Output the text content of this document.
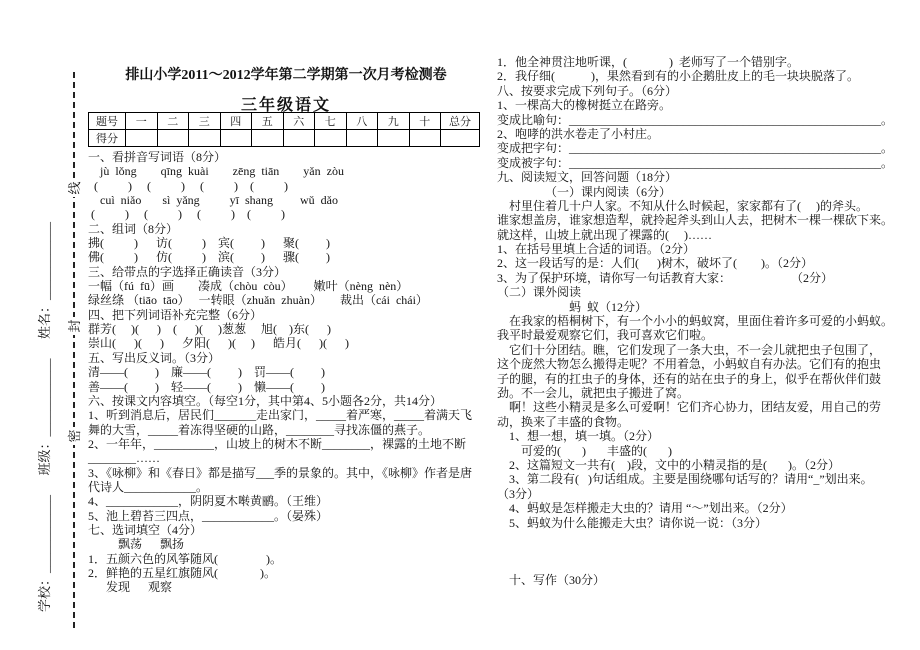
线
封
密
学校：____________      班级：____________      姓名：____________
排山小学2011～2012学年第二学期第一次月考检测卷
三年级语文
题号	一	二	三	四	五	六	七	八	九	十	总分
得分											
一、看拼音写词语（8分）
jù  lǒng        qīng  kuài        zēng  tiān        yǎn  zòu
(          )     (          )     (          )    (          )
cuì  niǎo       sì  yǎng          yī  shang         wǔ  dǎo
(          )     (          )     (          )    (          )
二、组词（8分）
拂(          )      访(          )    宾(         )      聚(         )
佛(          )      仿(          )    滨(         )      骤(         )
三、给带点的字选择正确读音（3分）
一幅（fú  fū）画        凑成（chòu  còu）       嫩叶（nèng  nèn）
绿丝绦 （tiāo  tāo）   一转眼（zhuǎn  zhuàn）      裁出（cái  chái）
四、把下列词语补充完整（6分）
群芳(     )(      )    (      )(     )葱葱     旭(    )东(      )
崇山(      )(      )      夕阳(      )(     )      皓月(      )(      )
五、写出反义词。（3分）
清——(         )    廉——(         )    罚——(         )
善——(         )    轻——(         )    懒——(         )
六、按课文内容填空。（每空1分，其中第4、5小题各2分，共14分）
1、听到消息后，居民们_______走出家门，_____着严寒，_____着满天飞
舞的大雪，_____着冻得坚硬的山路，________寻找冻僵的燕子。
2、一年年，__________，山坡上的树木不断________，裸露的土地不断
________……
3、《咏柳》和《春日》都是描写___季的景象的。其中，《咏柳》作者是唐
代诗人____________。
4、____________，阴阴夏木啭黄鹂。（王维）
5、池上碧苔三四点，____________。（晏殊）
七、选词填空（4分）
飘荡      飘扬
1．五颜六色的风筝随风(                )。
2．鲜艳的五星红旗随风(              )。
发现      观察
1．他全神贯注地听课，(              )  老师写了一个错别字。
2．我仔细(            )，果然看到有的小企鹅肚皮上的毛一块块脱落了。
八、按要求完成下列句子。（6分）
1、一棵高大的橡树挺立在路旁。
变成比喻句：____________________________________________________。
2、咆哮的洪水卷走了小村庄。
变成把字句：____________________________________________________。
变成被字句：____________________________________________________。
九、阅读短文，回答问题（18分）
（一）课内阅读（6分）
村里住着几十户人家。不知从什么时候起，家家都有了(     )的斧头。
谁家想盖房，谁家想造犁，就拎起斧头到山人去，把树木一棵一棵砍下来。
就这样，山坡上就出现了裸露的(     )……
1、在括号里填上合适的词语。（2分）
2、这一段话写的是：人们(      )树木，破坏了(        )。（2分）
3、为了保护环境，请你写一句话教育大家：                    （2分）
（二）课外阅读
蚂  蚁（12分）
在我家的梧桐树下，有一个小小的蚂蚁窝，里面住着许多可爱的小蚂蚁。
我平时最爱观察它们，我可喜欢它们啦。
它们十分团结。瞧，它们发现了一条大虫，不一会儿就把虫子包围了，
这个庞然大物怎么搬得走呢？不用着急，小蚂蚁自有办法。它们有的抱虫
子的腿，有的扛虫子的身体，还有的站在虫子的身上，似乎在帮伙伴们鼓
劲。不一会儿，就把虫子搬进了窝。
啊！这些小精灵是多么可爱啊！它们齐心协力，团结友爱，用自己的劳
动，换来了丰盛的食物。
1、想一想，填一填。（2分）
可爱的(       )       丰盛的(       )
2、这篇短文一共有(    )段，文中的小精灵指的是(       )。（2分）
3、第二段有(   )句话组成。主要是围绕哪句话写的？请用“_”划出来。
（3分）
4、蚂蚁是怎样搬走大虫的？请用 “～”划出来。（2分）
5、蚂蚁为什么能搬走大虫？请你说一说：（3分）
十、写作（30分）
